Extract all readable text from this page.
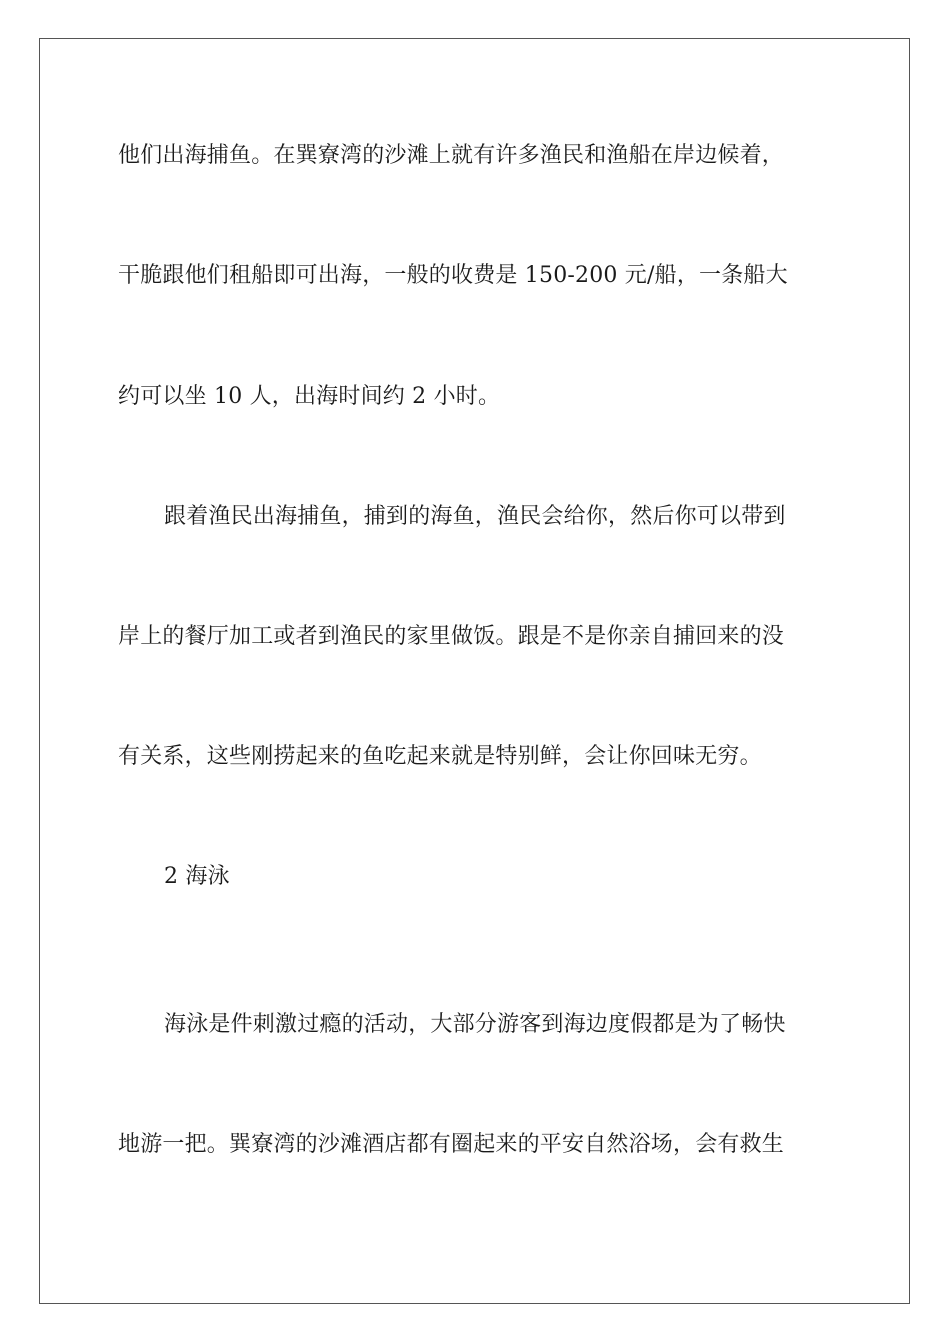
他们出海捕鱼。在巽寮湾的沙滩上就有许多渔民和渔船在岸边候着，
干脆跟他们租船即可出海，一般的收费是 150-200 元/船，一条船大
约可以坐 10 人，出海时间约 2 小时。
跟着渔民出海捕鱼，捕到的海鱼，渔民会给你，然后你可以带到
岸上的餐厅加工或者到渔民的家里做饭。跟是不是你亲自捕回来的没
有关系，这些刚捞起来的鱼吃起来就是特别鲜，会让你回味无穷。
2 海泳
海泳是件刺激过瘾的活动，大部分游客到海边度假都是为了畅快
地游一把。巽寮湾的沙滩酒店都有圈起来的平安自然浴场，会有救生
